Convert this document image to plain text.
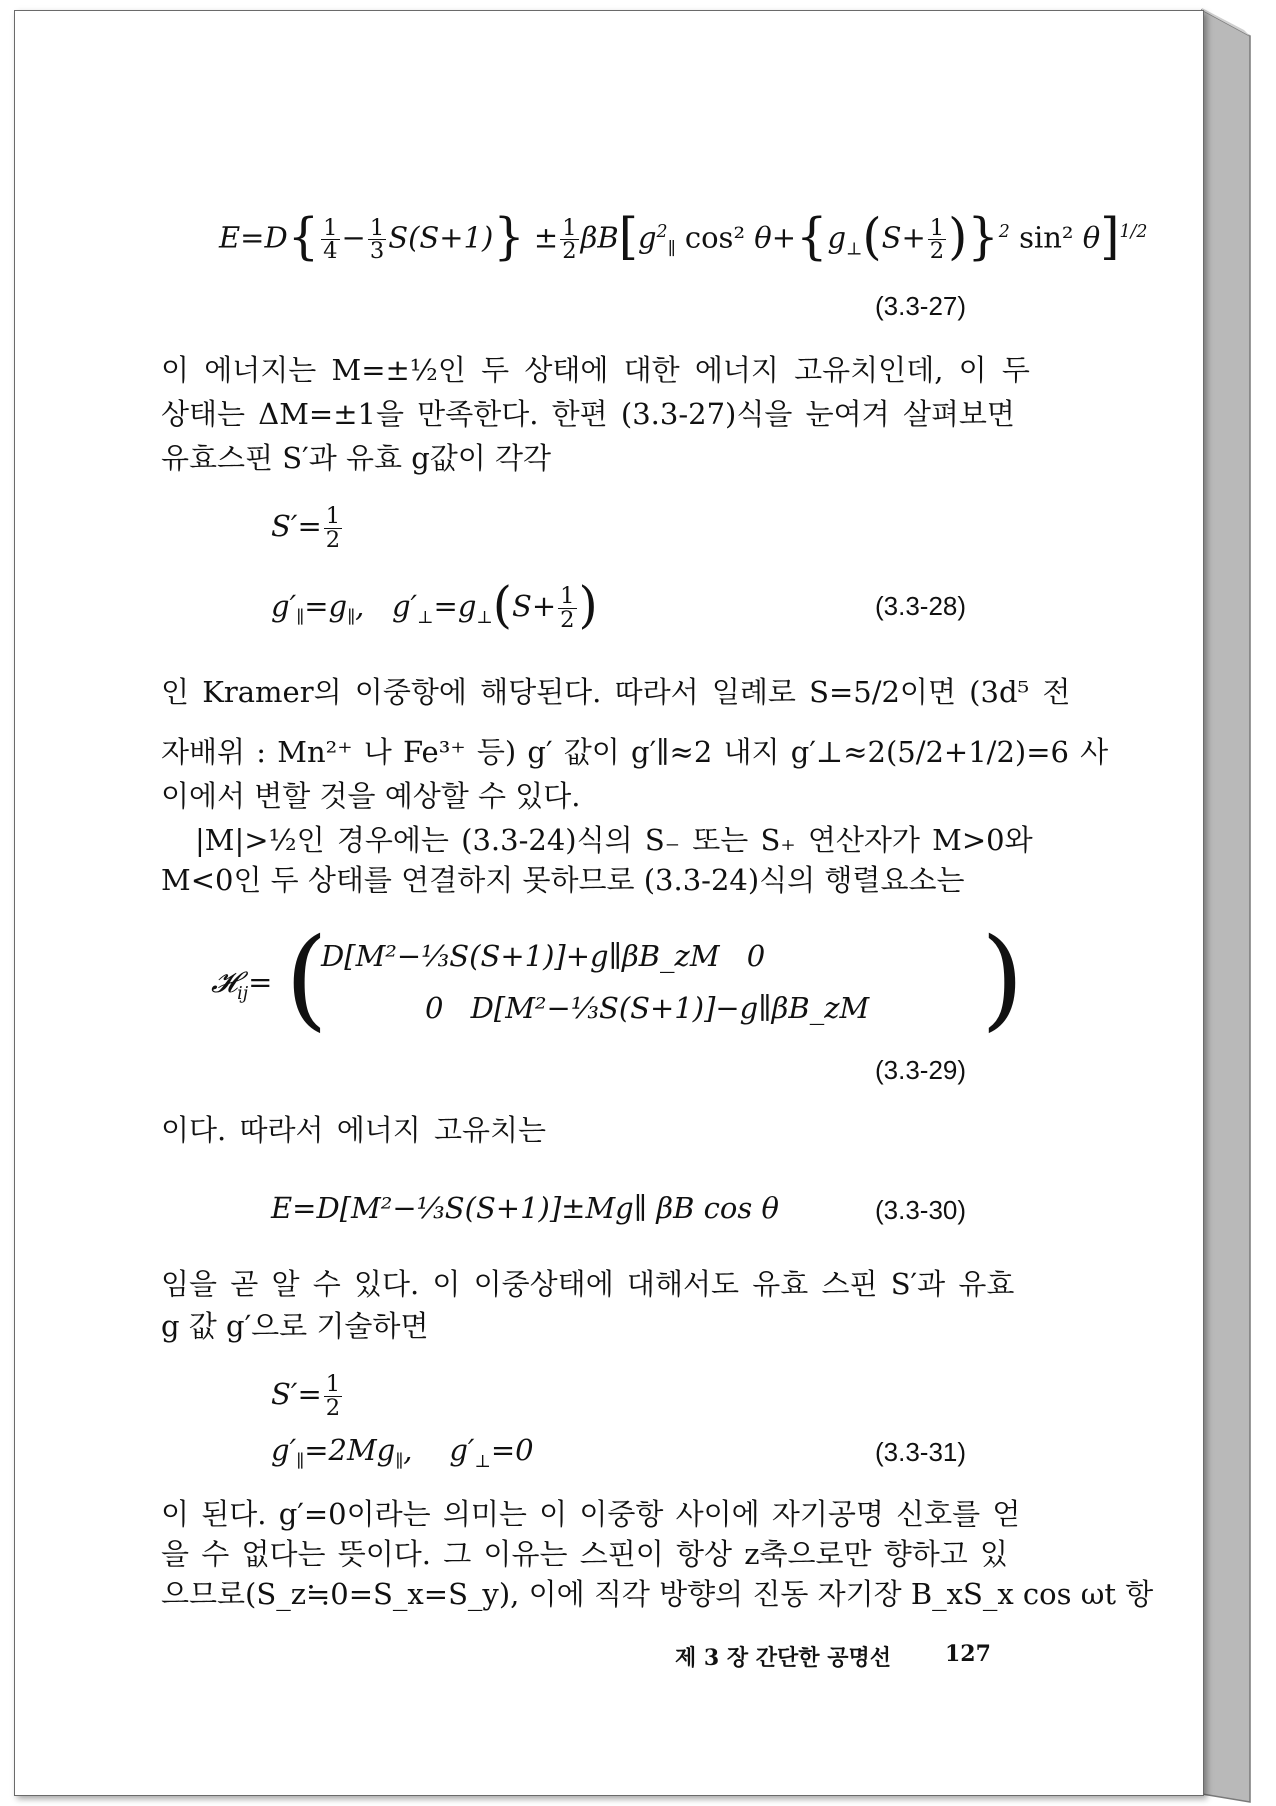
$E=D\{ \frac{1}{4} - \frac{1}{3} S(S+1)\} \pm \frac{1}{2} \beta B[g^2_\parallel$ cos² $\theta+\{g_\perp(S+ \frac{1}{2} )\}^2$ sin² θ]$^{1/2}$
(3.3-27)
이 에너지는 M=±½인 두 상태에 대한 에너지 고유치인데, 이 두
상태는 ΔM=±1을 만족한다. 한편 (3.3-27)식을 눈여겨 살펴보면
유효스핀 S′과 유효 g값이 각각
$S'= \frac{1}{2}$
$g'_\parallel=g_\parallel$,   $g'_\perp=g_\perp(S+ \frac{1}{2}$ )	(3.3-28)
인 Kramer의 이중항에 해당된다. 따라서 일례로 S=5/2이면 (3d⁵ 전
자배위 : Mn²⁺ 나 Fe³⁺ 등) g′ 값이 g′∥≈2 내지 g′⊥≈2(5/2+1/2)=6 사
이에서 변할 것을 예상할 수 있다.
|M|>½인 경우에는 (3.3-24)식의 S₋ 또는 S₊ 연산자가 M>0와
M<0인 두 상태를 연결하지 못하므로 (3.3-24)식의 행렬요소는
𝓗$_{ij}$= (
D[M²−⅓S(S+1)]+g∥βB_zM 0
0 D[M²−⅓S(S+1)]−g∥βB_zM )
(3.3-29)
이다. 따라서 에너지 고유치는
E=D[M²−⅓S(S+1)]±Mg∥ βB cos θ	(3.3-30)
임을 곧 알 수 있다. 이 이중상태에 대해서도 유효 스핀 S′과 유효
g 값 g′으로 기술하면
$S'= \frac{1}{2}$
$g'_\parallel=2Mg_\parallel$,    $g'_\perp=0$	(3.3-31)
이 된다. g′=0이라는 의미는 이 이중항 사이에 자기공명 신호를 얻
을 수 없다는 뜻이다. 그 이유는 스핀이 항상 z축으로만 향하고 있
으므로(S_z≒0=S_x=S_y), 이에 직각 방향의 진동 자기장 B_xS_x cos ωt 항
제 3 장 간단한 공명선 127
